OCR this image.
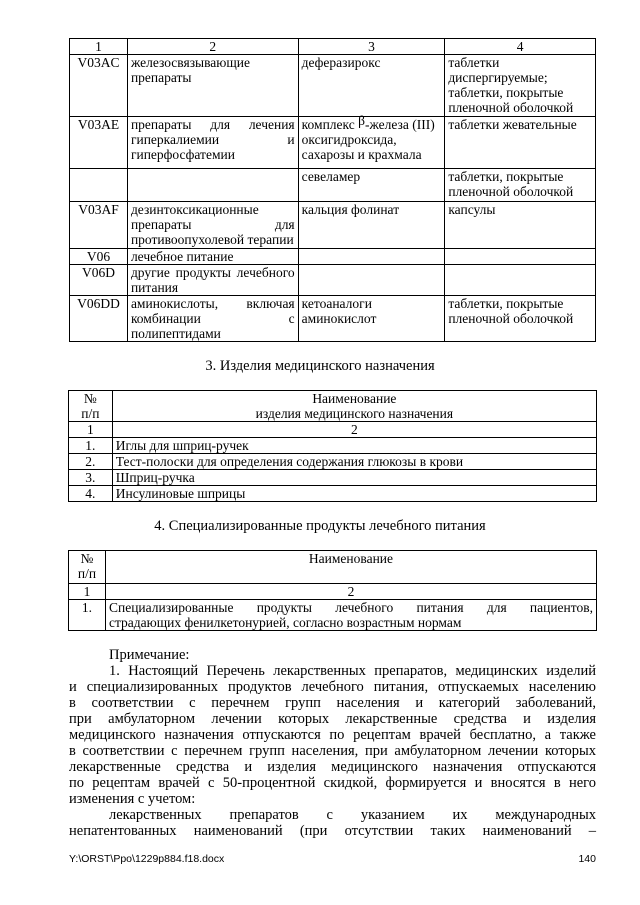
1	2	3	4
V03AC	железосвязывающие препараты	деферазирокс	таблетки диспергируемые; таблетки, покрытые пленочной оболочкой
V03AE	препараты для лечения гиперкалиемии и гиперфосфатемии	комплекс β-железа (III) оксигидроксида, сахарозы и крахмала	таблетки жевательные
		севеламер	таблетки, покрытые пленочной оболочкой
V03AF	дезинтоксикационные препараты для противоопухолевой терапии	кальция фолинат	капсулы
V06	лечебное питание		
V06D	другие продукты лечебного питания		
V06DD	аминокислоты, включая комбинации с полипептидами	кетоаналоги аминокислот	таблетки, покрытые пленочной оболочкой
3. Изделия медицинского назначения
№ п/п	Наименование
изделия медицинского назначения

1	2
1.	Иглы для шприц-ручек
2.	Тест-полоски для определения содержания глюкозы в крови
3.	Шприц-ручка
4.	Инсулиновые шприцы
4. Специализированные продукты лечебного питания
№ п/п	Наименование
1	2
1.	Специализированные продукты лечебного питания для пациентов,
страдающих фенилкетонурией, согласно возрастным нормам
Примечание:
1. Настоящий Перечень лекарственных препаратов, медицинских изделий
и специализированных продуктов лечебного питания, отпускаемых населению
в соответствии с перечнем групп населения и категорий заболеваний,
при амбулаторном лечении которых лекарственные средства и изделия
медицинского назначения отпускаются по рецептам врачей бесплатно, а также
в соответствии с перечнем групп населения, при амбулаторном лечении которых
лекарственные средства и изделия медицинского назначения отпускаются
по рецептам врачей с 50-процентной скидкой, формируется и вносятся в него
изменения с учетом:
лекарственных препаратов с указанием их международных
непатентованных наименований (при отсутствии таких наименований –
Y:\ORST\Ppo\1229p884.f18.docx	140
